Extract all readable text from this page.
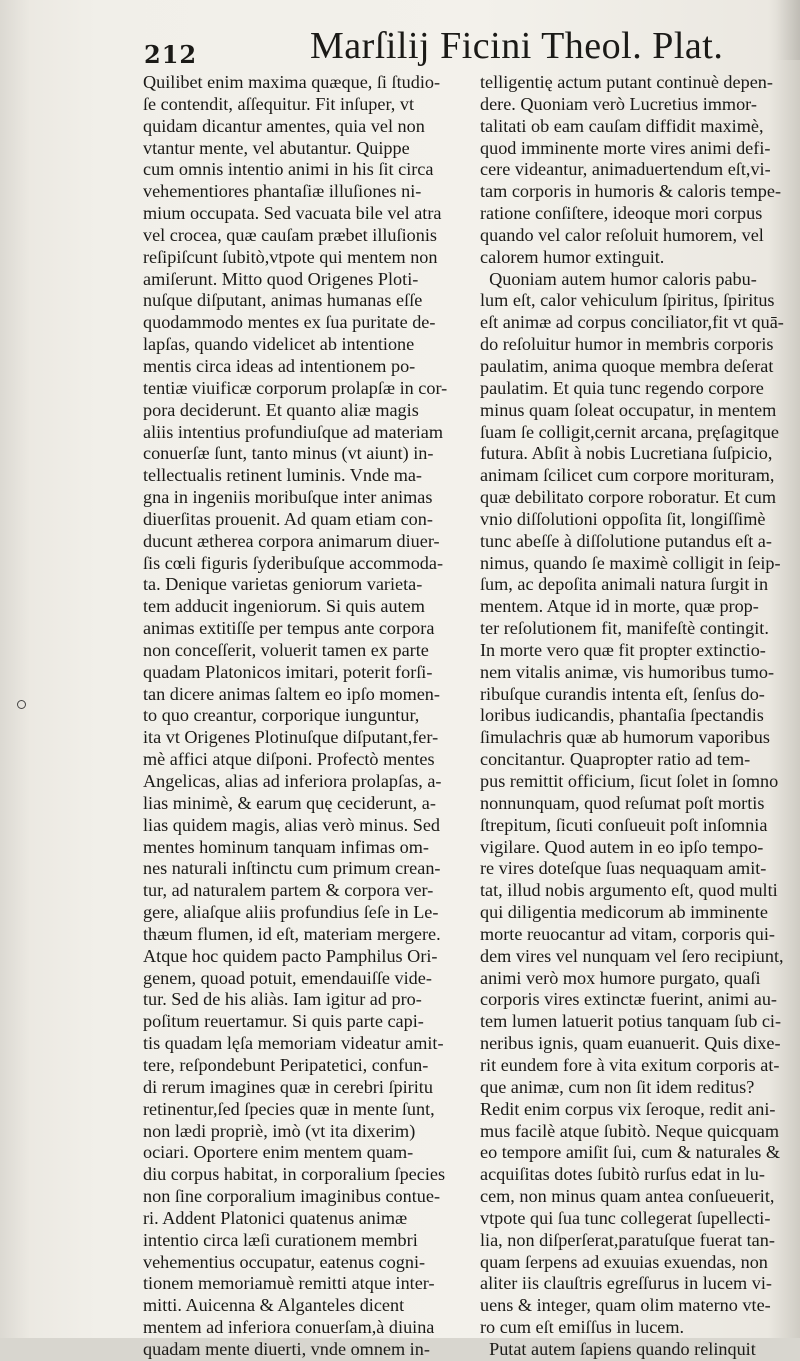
212	Marſilij Ficini Theol. Plat.
Quilibet enim maxima quæque, ſi ſtudio-
ſe contendit, aſſequitur. Fit inſuper, vt
quidam dicantur amentes, quia vel non
vtantur mente, vel abutantur. Quippe
cum omnis intentio animi in his ſit circa
vehementiores phantaſiæ illuſiones ni-
mium occupata. Sed vacuata bile vel atra
vel crocea, quæ cauſam præbet illuſionis
reſipiſcunt ſubitò,vtpote qui mentem non
amiſerunt. Mitto quod Origenes Ploti-
nuſque diſputant, animas humanas eſſe
quodammodo mentes ex ſua puritate de-
lapſas, quando videlicet ab intentione
mentis circa ideas ad intentionem po-
tentiæ viuificæ corporum prolapſæ in cor-
pora deciderunt. Et quanto aliæ magis
aliis intentius profundiuſque ad materiam
conuerſæ ſunt, tanto minus (vt aiunt) in-
tellectualis retinent luminis. Vnde ma-
gna in ingeniis moribuſque inter animas
diuerſitas prouenit. Ad quam etiam con-
ducunt ætherea corpora animarum diuer-
ſis cœli figuris ſyderibuſque accommoda-
ta. Denique varietas geniorum varieta-
tem adducit ingeniorum. Si quis autem
animas extitiſſe per tempus ante corpora
non conceſſerit, voluerit tamen ex parte
quadam Platonicos imitari, poterit forſi-
tan dicere animas ſaltem eo ipſo momen-
to quo creantur, corporique iunguntur,
ita vt Origenes Plotinuſque diſputant,fer-
mè affici atque diſponi. Profectò mentes
Angelicas, alias ad inferiora prolapſas, a-
lias minimè, & earum quę ceciderunt, a-
lias quidem magis, alias verò minus. Sed
mentes hominum tanquam infimas om-
nes naturali inſtinctu cum primum crean-
tur, ad naturalem partem & corpora ver-
gere, aliaſque aliis profundius ſeſe in Le-
thæum flumen, id eſt, materiam mergere.
Atque hoc quidem pacto Pamphilus Ori-
genem, quoad potuit, emendauiſſe vide-
tur. Sed de his aliàs. Iam igitur ad pro-
poſitum reuertamur. Si quis parte capi-
tis quadam lęſa memoriam videatur amit-
tere, reſpondebunt Peripatetici, confun-
di rerum imagines quæ in cerebri ſpiritu
retinentur,ſed ſpecies quæ in mente ſunt,
non lædi propriè, imò (vt ita dixerim)
ociari. Oportere enim mentem quam-
diu corpus habitat, in corporalium ſpecies
non ſine corporalium imaginibus contue-
ri. Addent Platonici quatenus animæ
intentio circa læſi curationem membri
vehementius occupatur, eatenus cogni-
tionem memoriamuè remitti atque inter-
mitti. Auicenna & Alganteles dicent
mentem ad inferiora conuerſam,à diuina
quadam mente diuerti, vnde omnem in-
telligentię actum putant continuè depen-
dere. Quoniam verò Lucretius immor-
talitati ob eam cauſam diffidit maximè,
quod imminente morte vires animi defi-
cere videantur, animaduertendum eſt,vi-
tam corporis in humoris & caloris tempe-
ratione conſiſtere, ideoque mori corpus
quando vel calor reſoluit humorem, vel
calorem humor extinguit.
Quoniam autem humor caloris pabu-
lum eſt, calor vehiculum ſpiritus, ſpiritus
eſt animæ ad corpus conciliator,fit vt quā-
do reſoluitur humor in membris corporis
paulatim, anima quoque membra deſerat
paulatim. Et quia tunc regendo corpore
minus quam ſoleat occupatur, in mentem
ſuam ſe colligit,cernit arcana, pręſagitque
futura. Abſit à nobis Lucretiana ſuſpicio,
animam ſcilicet cum corpore morituram,
quæ debilitato corpore roboratur. Et cum
vnio diſſolutioni oppoſita ſit, longiſſimè
tunc abeſſe à diſſolutione putandus eſt a-
nimus, quando ſe maximè colligit in ſeip-
ſum, ac depoſita animali natura ſurgit in
mentem. Atque id in morte, quæ prop-
ter reſolutionem fit, manifeſtè contingit.
In morte vero quæ fit propter extinctio-
nem vitalis animæ, vis humoribus tumo-
ribuſque curandis intenta eſt, ſenſus do-
loribus iudicandis, phantaſia ſpectandis
ſimulachris quæ ab humorum vaporibus
concitantur. Quapropter ratio ad tem-
pus remittit officium, ſicut ſolet in ſomno
nonnunquam, quod reſumat poſt mortis
ſtrepitum, ſicuti conſueuit poſt inſomnia
vigilare. Quod autem in eo ipſo tempo-
re vires doteſque ſuas nequaquam amit-
tat, illud nobis argumento eſt, quod multi
qui diligentia medicorum ab imminente
morte reuocantur ad vitam, corporis qui-
dem vires vel nunquam vel ſero recipiunt,
animi verò mox humore purgato, quaſi
corporis vires extinctæ fuerint, animi au-
tem lumen latuerit potius tanquam ſub ci-
neribus ignis, quam euanuerit. Quis dixe-
rit eundem fore à vita exitum corporis at-
que animæ, cum non ſit idem reditus?
Redit enim corpus vix ſeroque, redit ani-
mus facilè atque ſubitò. Neque quicquam
eo tempore amiſit ſui, cum & naturales &
acquiſitas dotes ſubitò rurſus edat in lu-
cem, non minus quam antea conſueuerit,
vtpote qui ſua tunc collegerat ſupellecti-
lia, non diſperſerat,paratuſque fuerat tan-
quam ſerpens ad exuuias exuendas, non
aliter iis clauſtris egreſſurus in lucem vi-
uens & integer, quam olim materno vte-
ro cum eſt emiſſus in lucem.
Putat autem ſapiens quando relinquit
